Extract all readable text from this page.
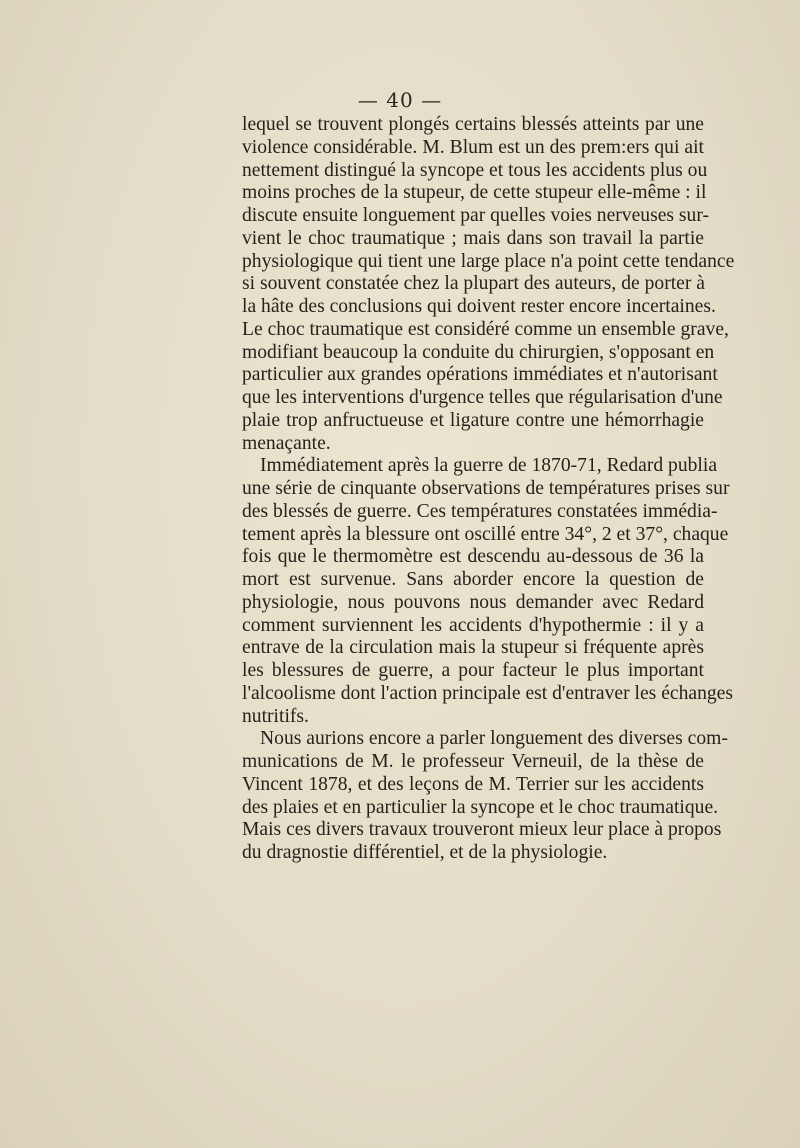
— 40 —
lequel se trouvent plongés certains blessés atteints par une
violence considérable. M. Blum est un des prem:ers qui ait
nettement distingué la syncope et tous les accidents plus ou
moins proches de la stupeur, de cette stupeur elle-même : il
discute ensuite longuement par quelles voies nerveuses sur-
vient le choc traumatique ; mais dans son travail la partie
physiologique qui tient une large place n'a point cette tendance
si souvent constatée chez la plupart des auteurs, de porter à
la hâte des conclusions qui doivent rester encore incertaines.
Le choc traumatique est considéré comme un ensemble grave,
modifiant beaucoup la conduite du chirurgien, s'opposant en
particulier aux grandes opérations immédiates et n'autorisant
que les interventions d'urgence telles que régularisation d'une
plaie trop anfructueuse et ligature contre une hémorrhagie
menaçante.
Immédiatement après la guerre de 1870-71, Redard publia
une série de cinquante observations de températures prises sur
des blessés de guerre. Ces températures constatées immédia-
tement après la blessure ont oscillé entre 34°, 2 et 37°, chaque
fois que le thermomètre est descendu au-dessous de 36 la
mort est survenue. Sans aborder encore la question de
physiologie, nous pouvons nous demander avec Redard
comment surviennent les accidents d'hypothermie : il y a
entrave de la circulation mais la stupeur si fréquente après
les blessures de guerre, a pour facteur le plus important
l'alcoolisme dont l'action principale est d'entraver les échanges
nutritifs.
Nous aurions encore a parler longuement des diverses com-
munications de M. le professeur Verneuil, de la thèse de
Vincent 1878, et des leçons de M. Terrier sur les accidents
des plaies et en particulier la syncope et le choc traumatique.
Mais ces divers travaux trouveront mieux leur place à propos
du dragnostie différentiel, et de la physiologie.
